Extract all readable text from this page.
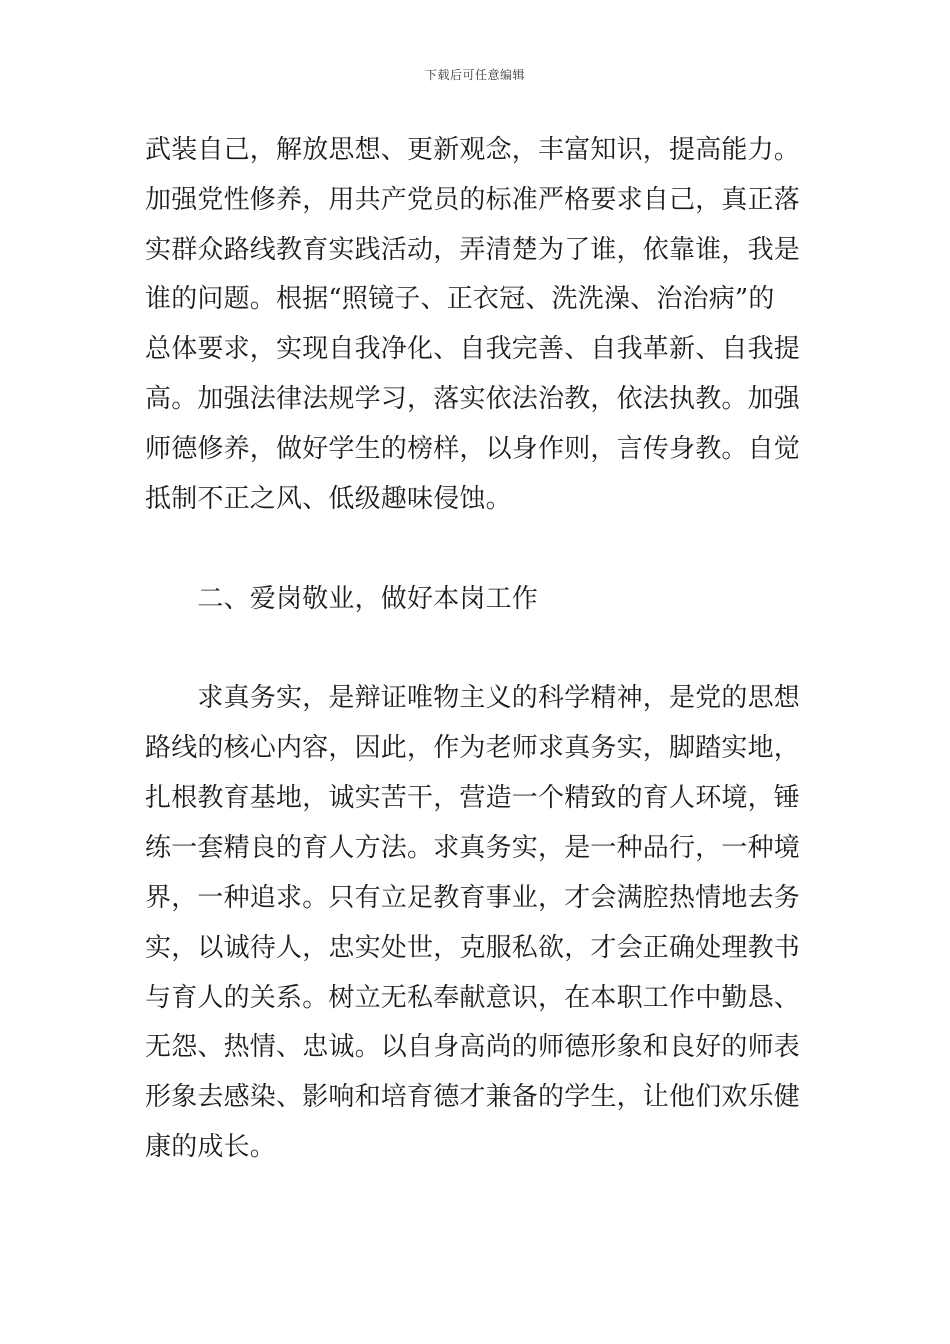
下载后可任意编辑
武装自己，解放思想、更新观念，丰富知识，提高能力。
加强党性修养，用共产党员的标准严格要求自己，真正落
实群众路线教育实践活动，弄清楚为了谁，依靠谁，我是
谁的问题。根据“照镜子、正衣冠、洗洗澡、治治病”的
总体要求，实现自我净化、自我完善、自我革新、自我提
高。加强法律法规学习，落实依法治教，依法执教。加强
师德修养，做好学生的榜样，以身作则，言传身教。自觉
抵制不正之风、低级趣味侵蚀。
　　二、爱岗敬业，做好本岗工作
　　求真务实，是辩证唯物主义的科学精神，是党的思想
路线的核心内容，因此，作为老师求真务实，脚踏实地，
扎根教育基地，诚实苦干，营造一个精致的育人环境，锤
练一套精良的育人方法。求真务实，是一种品行，一种境
界，一种追求。只有立足教育事业，才会满腔热情地去务
实，以诚待人，忠实处世，克服私欲，才会正确处理教书
与育人的关系。树立无私奉献意识，在本职工作中勤恳、
无怨、热情、忠诚。以自身高尚的师德形象和良好的师表
形象去感染、影响和培育德才兼备的学生，让他们欢乐健
康的成长。
